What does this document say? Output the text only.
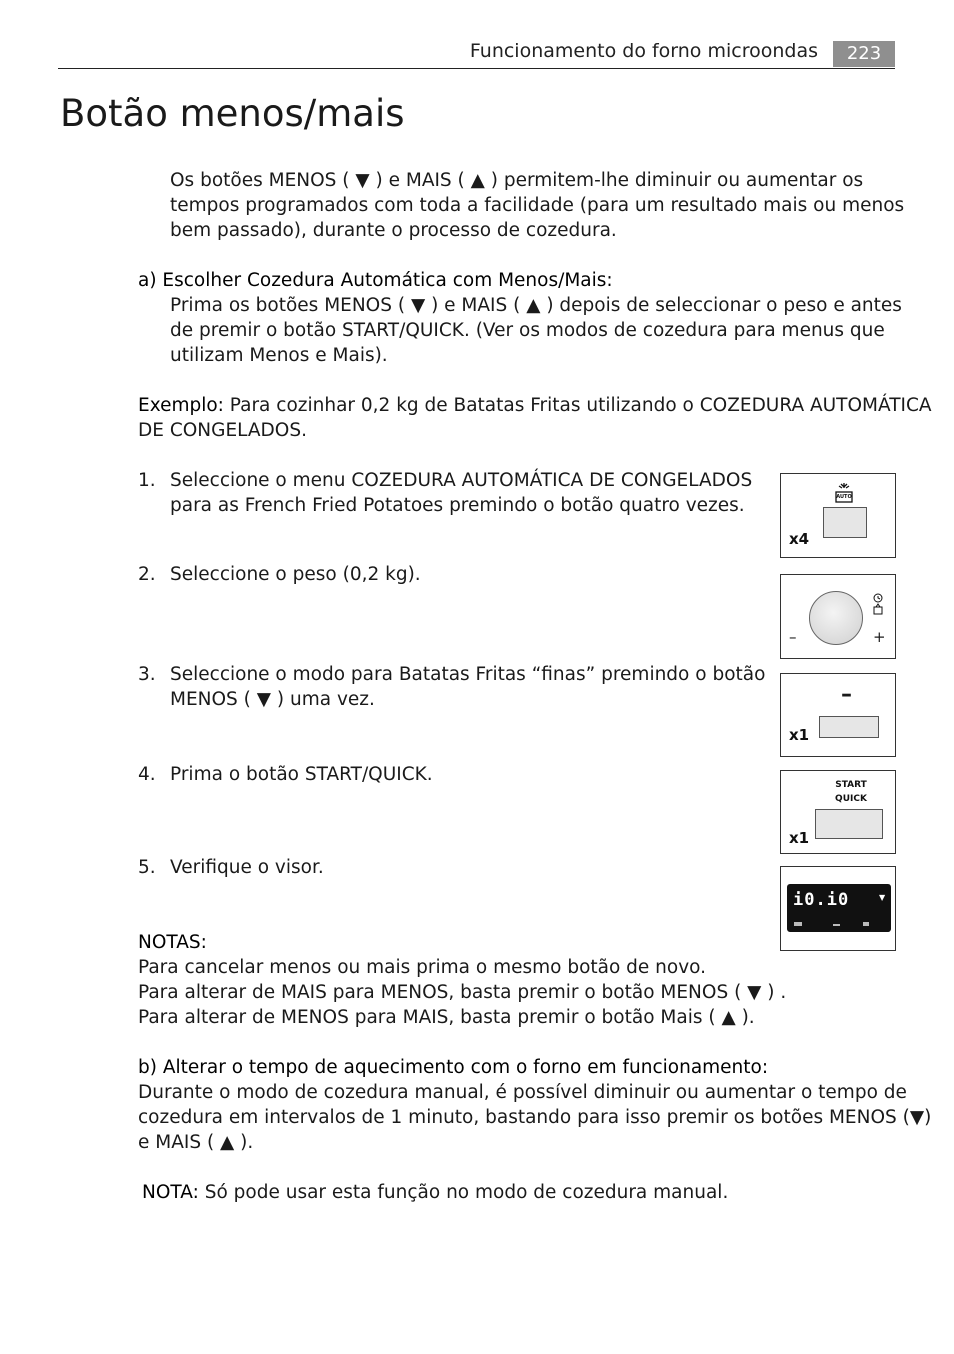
Funcionamento do forno microondas	223
Botão menos/mais

Os botões MENOS ( ▼ ) e MAIS ( ▲ ) permitem-lhe diminuir ou aumentar os

tempos programados com toda a facilidade (para um resultado mais ou menos

bem passado), durante o processo de cozedura.

a) Escolher Cozedura Automática com Menos/Mais:

Prima os botões MENOS ( ▼ ) e MAIS ( ▲ ) depois de seleccionar o peso e antes

de premir o botão START/QUICK. (Ver os modos de cozedura para menus que

utilizam Menos e Mais).

Exemplo: Para cozinhar 0,2 kg de Batatas Fritas utilizando o COZEDURA AUTOMÁTICA

DE CONGELADOS.

1. Seleccione o menu COZEDURA AUTOMÁTICA DE CONGELADOS

para as French Fried Potatoes premindo o botão quatro vezes.

2. Seleccione o peso (0,2 kg).

3. Seleccione o modo para Batatas Fritas “finas” premindo o botão

MENOS ( ▼ ) uma vez.

4. Prima o botão START/QUICK.

5. Verifique o visor.

NOTAS:

Para cancelar menos ou mais prima o mesmo botão de novo.

Para alterar de MAIS para MENOS, basta premir o botão MENOS ( ▼ ) .

Para alterar de MENOS para MAIS, basta premir o botão Mais ( ▲ ).

b) Alterar o tempo de aquecimento com o forno em funcionamento:

Durante o modo de cozedura manual, é possível diminuir ou aumentar o tempo de

cozedura em intervalos de 1 minuto, bastando para isso premir os botões MENOS (▼)

e MAIS ( ▲ ).

NOTA: Só pode usar esta função no modo de cozedura manual.

AUTO
x4
–	+
–
x1
START
QUICK
x1
i0.i0	▼
